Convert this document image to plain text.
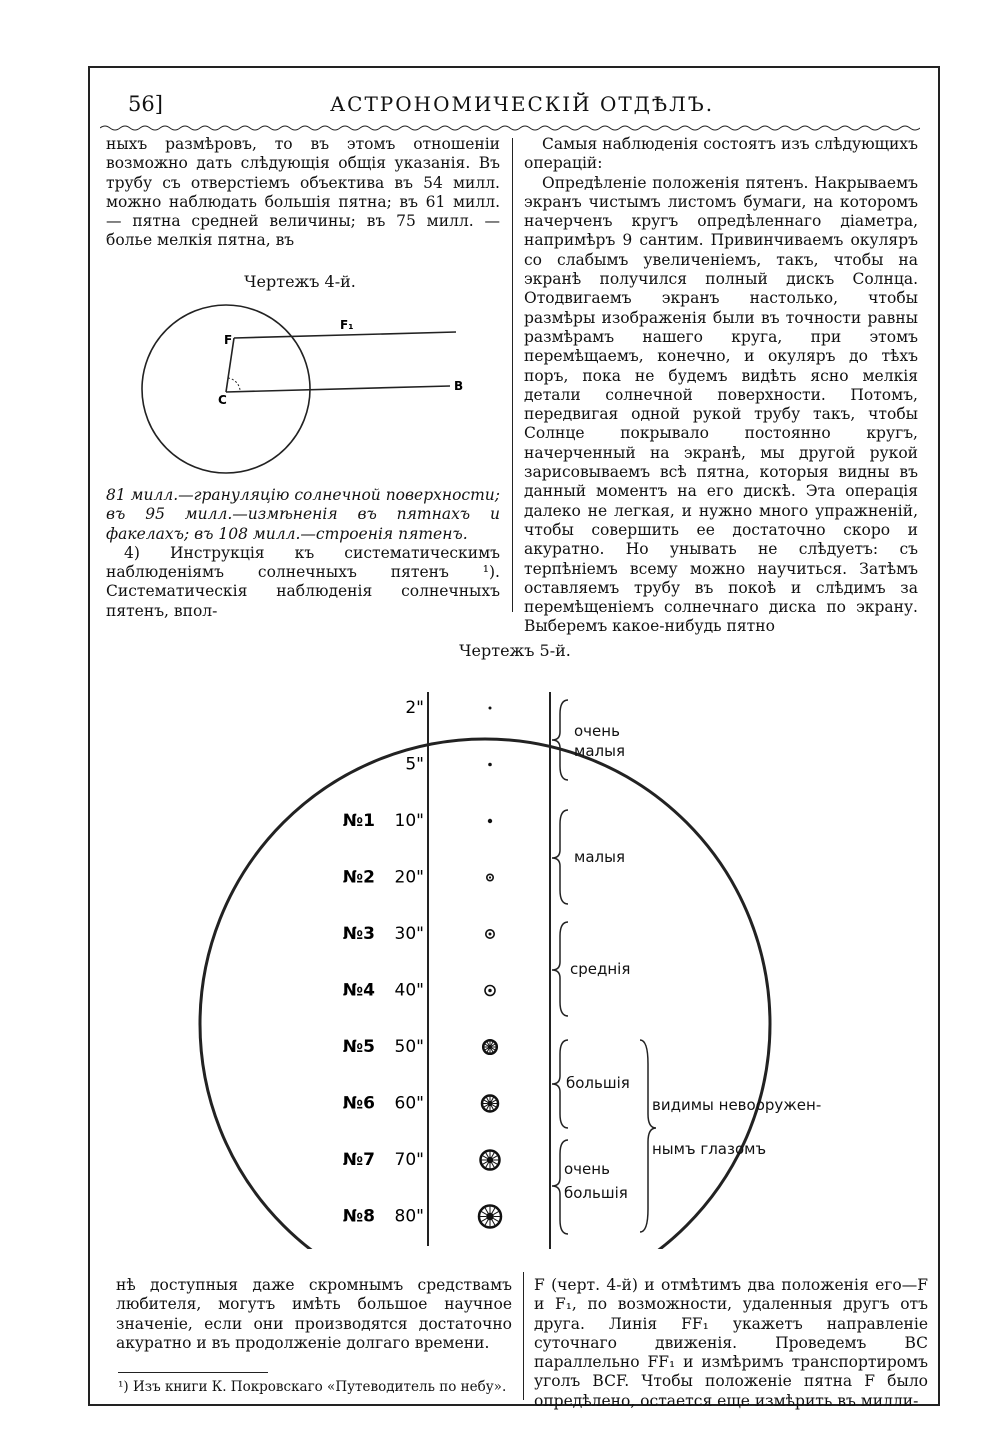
56]	АСТРОНОМИЧЕСКІЙ ОТДѢЛЪ.

ныхъ размѣровъ, то въ этомъ отношеніи возможно дать слѣдующія общія указанія. Въ трубу съ отверстіемъ объектива въ 54 милл. можно наблюдать большія пятна; въ 61 милл. — пятна средней величины; въ 75 милл. — болье мелкія пятна, въ

Чертежъ 4-й.
F
F₁
C
B

81 милл.—грануляцію солнечной поверхности; въ 95 милл.—измѣненія въ пятнахъ и факелахъ; въ 108 милл.—строенія пятенъ.

4) Инструкція къ систематическимъ наблюденіямъ солнечныхъ пятенъ ¹). Систематическія наблюденія солнечныхъ пятенъ, впол-

Самыя наблюденія состоятъ изъ слѣдующихъ операцій:

Опредѣленіе положенія пятенъ. Накрываемъ экранъ чистымъ листомъ бумаги, на которомъ начерченъ кругъ опредѣленнаго діаметра, напримѣръ 9 сантим. Привинчиваемъ окуляръ со слабымъ увеличеніемъ, такъ, чтобы на экранѣ получился полный дискъ Солнца. Отодвигаемъ экранъ настолько, чтобы размѣры изображенія были въ точности равны размѣрамъ нашего круга, при этомъ перемѣщаемъ, конечно, и окуляръ до тѣхъ поръ, пока не будемъ видѣть ясно мелкія детали солнечной поверхности. Потомъ, передвигая одной рукой трубу такъ, чтобы Солнце покрывало постоянно кругъ, начерченный на экранѣ, мы другой рукой зарисовываемъ всѣ пятна, которыя видны въ данный моментъ на его дискѣ. Эта операція далеко не легкая, и нужно много упражненій, чтобы совершить ее достаточно скоро и акуратно. Но унывать не слѣдуетъ: съ терпѣніемъ всему можно научиться. Затѣмъ оставляемъ трубу въ покоѣ и слѣдимъ за перемѣщеніемъ солнечнаго диска по экрану. Выберемъ какое-нибудь пятно

Чертежъ 5-й.
2"
5"
№1 10"
№2 20"
№3 30"
№4 40"
№5 50"
№6 60"
№7 70"
№8 80"
очень
малыя
малыя
среднія
большія
очень
большія
видимы невооружен-
нымъ глазомъ

нѣ доступныя даже скромнымъ средствамъ любителя, могутъ имѣть большое научное значеніе, если они производятся достаточно акуратно и въ продолженіе долгаго времени.

F (черт. 4-й) и отмѣтимъ два положенія его—F и F₁, по возможности, удаленныя другъ отъ друга. Линія FF₁ укажетъ направленіе суточнаго движенія. Проведемъ BC параллельно FF₁ и измѣримъ транспортиромъ уголъ BCF. Чтобы положеніе пятна F было опредѣлено, остается еще измѣрить въ милли-

¹) Изъ книги К. Покровскаго «Путеводитель по небу».
